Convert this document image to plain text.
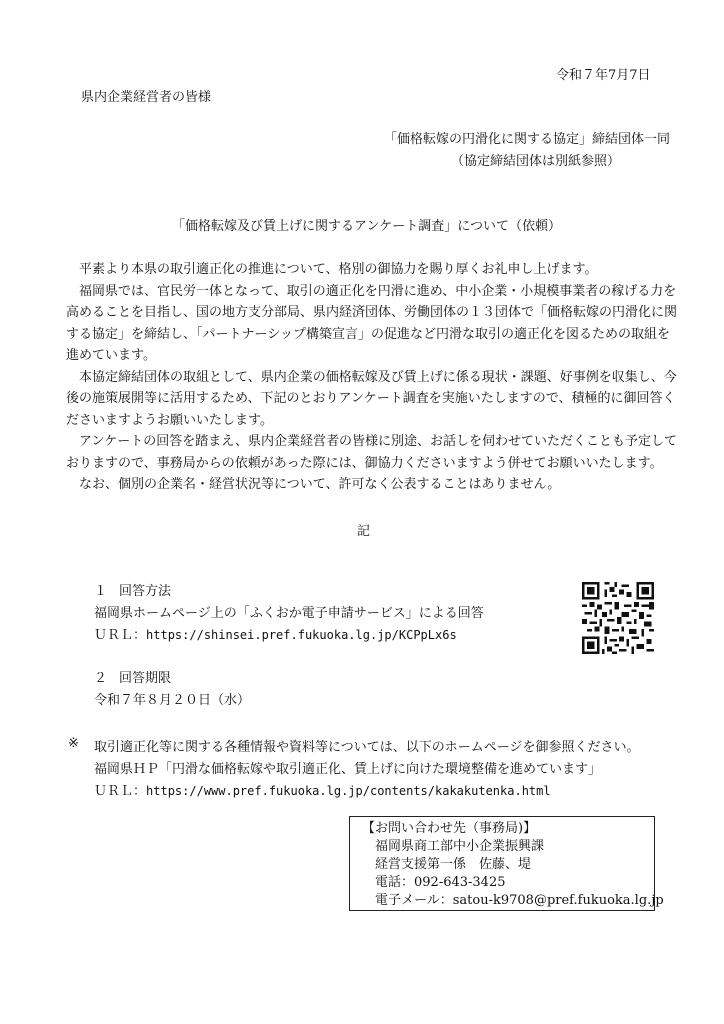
令和７年7月7日
県内企業経営者の皆様
「価格転嫁の円滑化に関する協定」締結団体一同
（協定締結団体は別紙参照）
「価格転嫁及び賃上げに関するアンケート調査」について（依頼）
平素より本県の取引適正化の推進について、格別の御協力を賜り厚くお礼申し上げます。
福岡県では、官民労一体となって、取引の適正化を円滑に進め、中小企業・小規模事業者の稼げる力を
高めることを目指し、国の地方支分部局、県内経済団体、労働団体の１３団体で「価格転嫁の円滑化に関
する協定」を締結し、「パートナーシップ構築宣言」の促進など円滑な取引の適正化を図るための取組を
進めています。
本協定締結団体の取組として、県内企業の価格転嫁及び賃上げに係る現状・課題、好事例を収集し、今
後の施策展開等に活用するため、下記のとおりアンケート調査を実施いたしますので、積極的に御回答く
ださいますようお願いいたします。
アンケートの回答を踏まえ、県内企業経営者の皆様に別途、お話しを伺わせていただくことも予定して
おりますので、事務局からの依頼があった際には、御協力くださいますよう併せてお願いいたします。
なお、個別の企業名・経営状況等について、許可なく公表することはありません。
記
１ 回答方法
福岡県ホームページ上の「ふくおか電子申請サービス」による回答
ＵＲＬ：https://shinsei.pref.fukuoka.lg.jp/KCPpLx6s
２ 回答期限
令和７年８月２０日（水）
※ 取引適正化等に関する各種情報や資料等については、以下のホームページを御参照ください。
福岡県ＨＰ「円滑な価格転嫁や取引適正化、賃上げに向けた環境整備を進めています」
ＵＲＬ：https://www.pref.fukuoka.lg.jp/contents/kakakutenka.html
【お問い合わせ先（事務局)】
福岡県商工部中小企業振興課
経営支援第一係　佐藤、堤
電話：092-643-3425
電子メール：satou-k9708@pref.fukuoka.lg.jp
